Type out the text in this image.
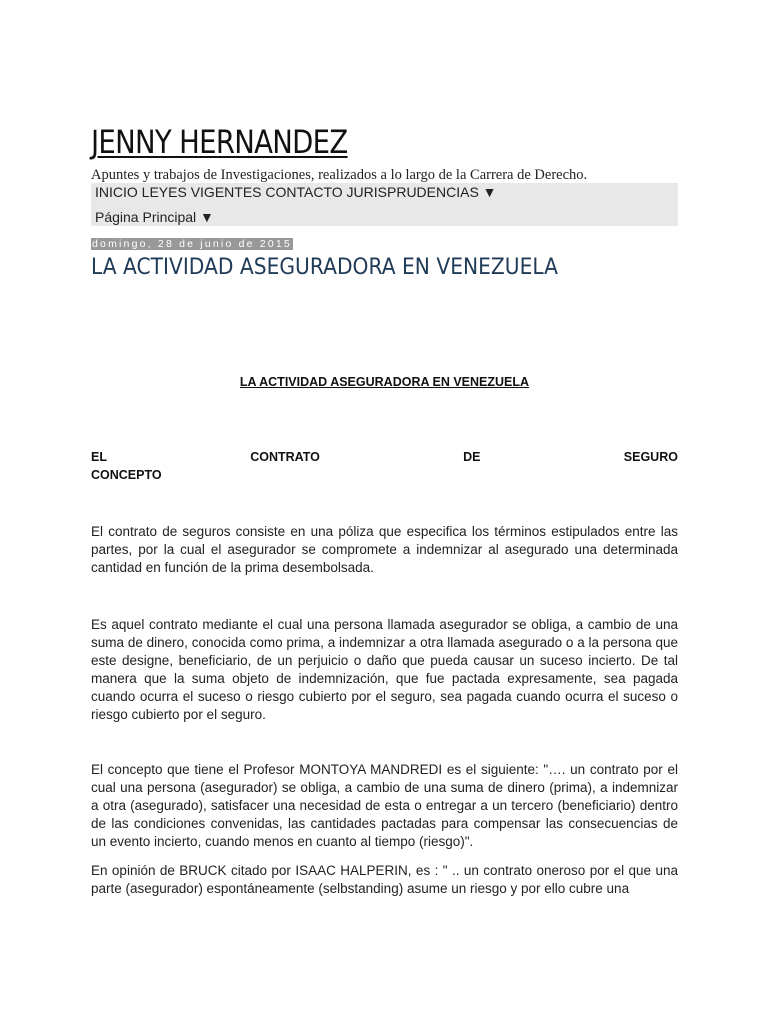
JENNY HERNANDEZ

Apuntes y trabajos de Investigaciones, realizados a lo largo de la Carrera de Derecho.

INICIO LEYES VIGENTES CONTACTO JURISPRUDENCIAS ▼
Página Principal ▼
domingo, 28 de junio de 2015
LA ACTIVIDAD ASEGURADORA EN VENEZUELA
LA ACTIVIDAD ASEGURADORA EN VENEZUELA
EL	CONTRATO	DE	SEGURO
CONCEPTO

El contrato de seguros consiste en una póliza que especifica los términos estipulados entre las partes, por la cual el asegurador se compromete a indemnizar al asegurado una determinada cantidad en función de la prima desembolsada.

Es aquel contrato mediante el cual una persona llamada asegurador se obliga, a cambio de una suma de dinero, conocida como prima, a indemnizar a otra llamada asegurado o a la persona que este designe, beneficiario, de un perjuicio o daño que pueda causar un suceso incierto. De tal manera que la suma objeto de indemnización, que fue pactada expresamente, sea pagada cuando ocurra el suceso o riesgo cubierto por el seguro, sea pagada cuando ocurra el suceso o riesgo cubierto por el seguro.

El concepto que tiene el Profesor MONTOYA MANDREDI es el siguiente: "…. un contrato por el cual una persona (asegurador) se obliga, a cambio de una suma de dinero (prima), a indemnizar a otra (asegurado), satisfacer una necesidad de esta o entregar a un tercero (beneficiario) dentro de las condiciones convenidas, las cantidades pactadas para compensar las consecuencias de un evento incierto, cuando menos en cuanto al tiempo (riesgo)".

En opinión de BRUCK citado por ISAAC HALPERIN, es : " .. un contrato oneroso por el que una parte (asegurador) espontáneamente (selbstanding) asume un riesgo y por ello cubre una
